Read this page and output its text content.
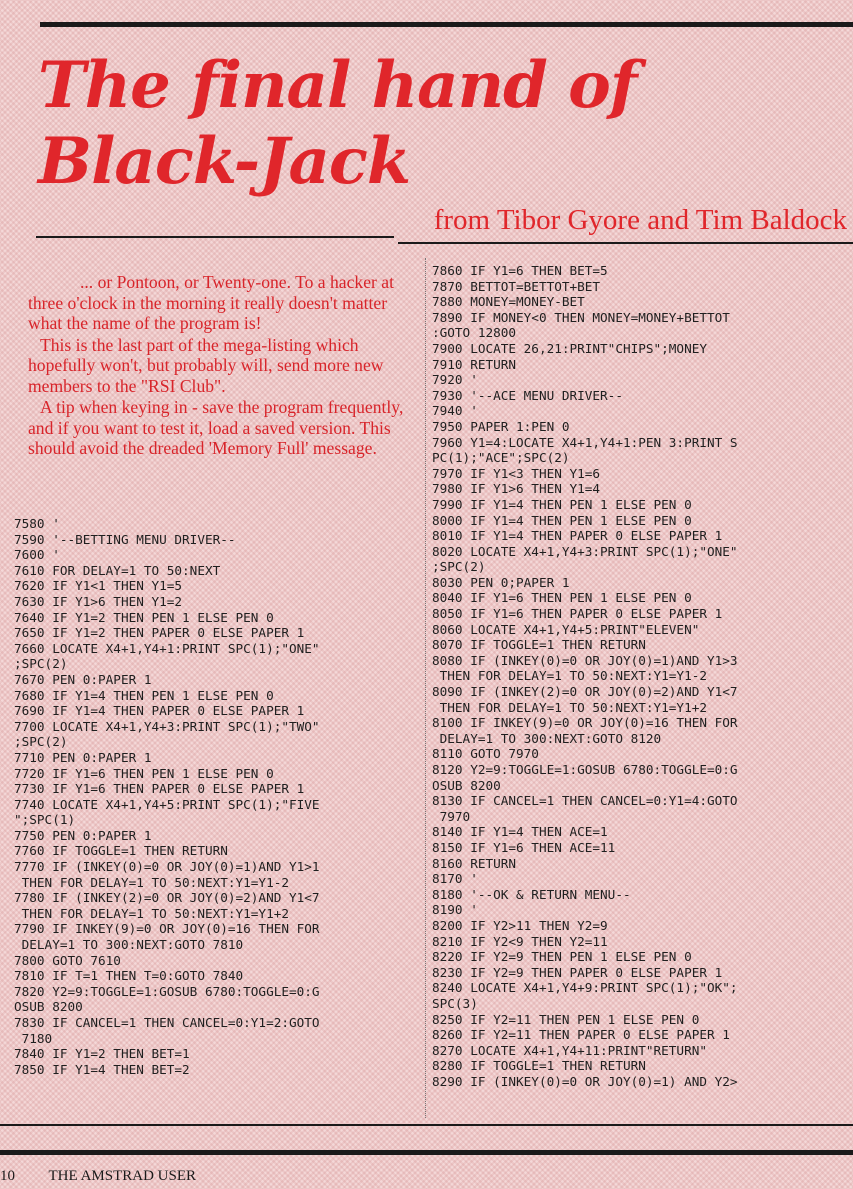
The final hand of
Black-Jack
from Tibor Gyore and Tim Baldock

... or Pontoon, or Twenty-one. To a hacker at three o'clock in the morning it really doesn't matter what the name of the program is!

This is the last part of the mega-listing which hopefully won't, but probably will, send more new members to the "RSI Club".

A tip when keying in - save the program frequently, and if you want to test it, load a saved version. This should avoid the dreaded 'Memory Full' message.

7580 '
7590 '--BETTING MENU DRIVER--
7600 '
7610 FOR DELAY=1 TO 50:NEXT
7620 IF Y1<1 THEN Y1=5
7630 IF Y1>6 THEN Y1=2
7640 IF Y1=2 THEN PEN 1 ELSE PEN 0
7650 IF Y1=2 THEN PAPER 0 ELSE PAPER 1
7660 LOCATE X4+1,Y4+1:PRINT SPC(1);"ONE"
;SPC(2)
7670 PEN 0:PAPER 1
7680 IF Y1=4 THEN PEN 1 ELSE PEN 0
7690 IF Y1=4 THEN PAPER 0 ELSE PAPER 1
7700 LOCATE X4+1,Y4+3:PRINT SPC(1);"TWO"
;SPC(2)
7710 PEN 0:PAPER 1
7720 IF Y1=6 THEN PEN 1 ELSE PEN 0
7730 IF Y1=6 THEN PAPER 0 ELSE PAPER 1
7740 LOCATE X4+1,Y4+5:PRINT SPC(1);"FIVE
";SPC(1)
7750 PEN 0:PAPER 1
7760 IF TOGGLE=1 THEN RETURN
7770 IF (INKEY(0)=0 OR JOY(0)=1)AND Y1>1
THEN FOR DELAY=1 TO 50:NEXT:Y1=Y1-2
7780 IF (INKEY(2)=0 OR JOY(0)=2)AND Y1<7
THEN FOR DELAY=1 TO 50:NEXT:Y1=Y1+2
7790 IF INKEY(9)=0 OR JOY(0)=16 THEN FOR
DELAY=1 TO 300:NEXT:GOTO 7810
7800 GOTO 7610
7810 IF T=1 THEN T=0:GOTO 7840
7820 Y2=9:TOGGLE=1:GOSUB 6780:TOGGLE=0:G
OSUB 8200
7830 IF CANCEL=1 THEN CANCEL=0:Y1=2:GOTO
7180
7840 IF Y1=2 THEN BET=1
7850 IF Y1=4 THEN BET=2
7860 IF Y1=6 THEN BET=5
7870 BETTOT=BETTOT+BET
7880 MONEY=MONEY-BET
7890 IF MONEY<0 THEN MONEY=MONEY+BETTOT
:GOTO 12800
7900 LOCATE 26,21:PRINT"CHIPS";MONEY
7910 RETURN
7920 '
7930 '--ACE MENU DRIVER--
7940 '
7950 PAPER 1:PEN 0
7960 Y1=4:LOCATE X4+1,Y4+1:PEN 3:PRINT S
PC(1);"ACE";SPC(2)
7970 IF Y1<3 THEN Y1=6
7980 IF Y1>6 THEN Y1=4
7990 IF Y1=4 THEN PEN 1 ELSE PEN 0
8000 IF Y1=4 THEN PEN 1 ELSE PEN 0
8010 IF Y1=4 THEN PAPER 0 ELSE PAPER 1
8020 LOCATE X4+1,Y4+3:PRINT SPC(1);"ONE"
;SPC(2)
8030 PEN 0;PAPER 1
8040 IF Y1=6 THEN PEN 1 ELSE PEN 0
8050 IF Y1=6 THEN PAPER 0 ELSE PAPER 1
8060 LOCATE X4+1,Y4+5:PRINT"ELEVEN"
8070 IF TOGGLE=1 THEN RETURN
8080 IF (INKEY(0)=0 OR JOY(0)=1)AND Y1>3
THEN FOR DELAY=1 TO 50:NEXT:Y1=Y1-2
8090 IF (INKEY(2)=0 OR JOY(0)=2)AND Y1<7
THEN FOR DELAY=1 TO 50:NEXT:Y1=Y1+2
8100 IF INKEY(9)=0 OR JOY(0)=16 THEN FOR
DELAY=1 TO 300:NEXT:GOTO 8120
8110 GOTO 7970
8120 Y2=9:TOGGLE=1:GOSUB 6780:TOGGLE=0:G
OSUB 8200
8130 IF CANCEL=1 THEN CANCEL=0:Y1=4:GOTO
7970
8140 IF Y1=4 THEN ACE=1
8150 IF Y1=6 THEN ACE=11
8160 RETURN
8170 '
8180 '--OK & RETURN MENU--
8190 '
8200 IF Y2>11 THEN Y2=9
8210 IF Y2<9 THEN Y2=11
8220 IF Y2=9 THEN PEN 1 ELSE PEN 0
8230 IF Y2=9 THEN PAPER 0 ELSE PAPER 1
8240 LOCATE X4+1,Y4+9:PRINT SPC(1);"OK";
SPC(3)
8250 IF Y2=11 THEN PEN 1 ELSE PEN 0
8260 IF Y2=11 THEN PAPER 0 ELSE PAPER 1
8270 LOCATE X4+1,Y4+11:PRINT"RETURN"
8280 IF TOGGLE=1 THEN RETURN
8290 IF (INKEY(0)=0 OR JOY(0)=1) AND Y2>
10 THE AMSTRAD USER
